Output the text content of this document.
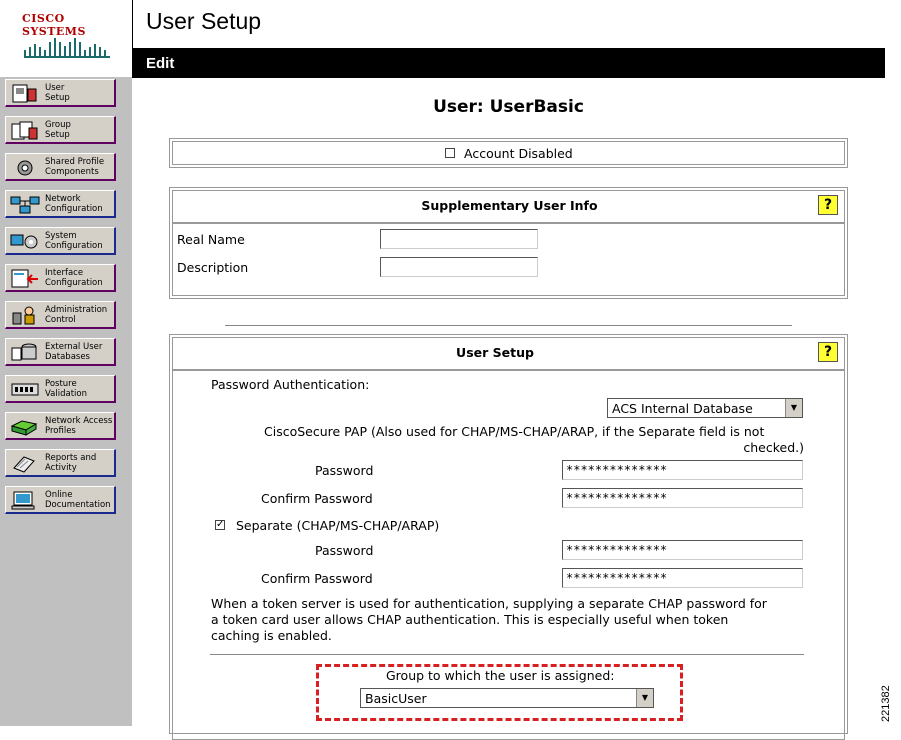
CISCO SYSTEMS	User Setup
Edit
User
Setup
Group
Setup
Shared Profile
Components
Network
Configuration
System
Configuration
Interface
Configuration
Administration
Control
External User
Databases
Posture
Validation
Network Access
Profiles
Reports and
Activity
Online
Documentation
User: UserBasic
Account Disabled
Supplementary User Info	?
Real Name
Description
User Setup	?
Password Authentication:
ACS Internal Database	▼
CiscoSecure PAP (Also used for CHAP/MS-CHAP/ARAP, if the Separate field is not
checked.)
Password	**************
Confirm Password	**************
✓ Separate (CHAP/MS-CHAP/ARAP)
Password	**************
Confirm Password	**************
When a token server is used for authentication, supplying a separate CHAP password for
a token card user allows CHAP authentication. This is especially useful when token
caching is enabled.
Group to which the user is assigned:
BasicUser	▼	221382
